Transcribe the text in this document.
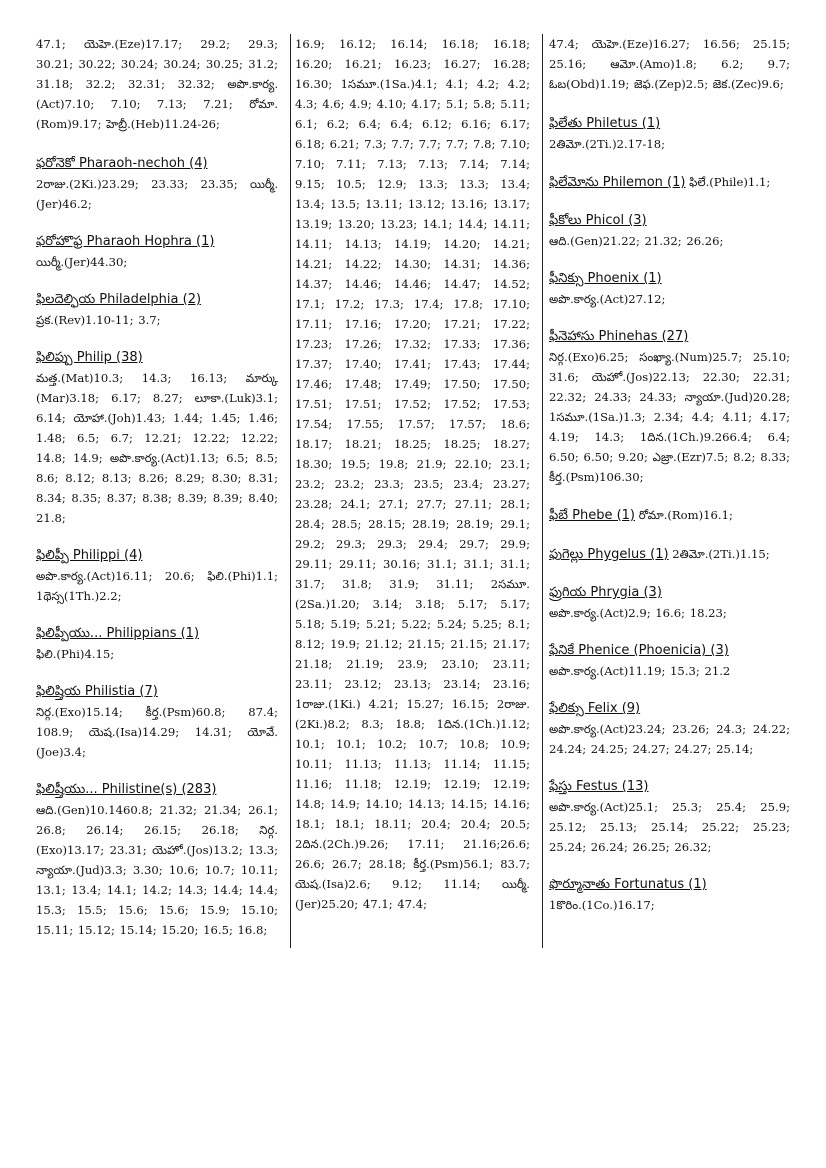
47.1; యెహె.(Eze)17.17; 29.2; 29.3; 30.21; 30.22; 30.24; 30.24; 30.25; 31.2; 31.18; 32.2; 32.31; 32.32; అపొ.కార్య.(Act)7.10; 7.10; 7.13; 7.21; రోమా.(Rom)9.17; హెబ్రీ.(Heb)11.24-26;
ఫరోనెకో Pharaoh-nechoh (4)
2రాజు.(2Ki.)23.29; 23.33; 23.35; యిర్మీ.(Jer)46.2;
ఫరోహొఫ్ర Pharaoh Hophra (1)
యిర్మీ.(Jer)44.30;
ఫిలదెల్ఫియ Philadelphia (2)
ప్రక.(Rev)1.10-11; 3.7;
ఫిలిప్పు Philip (38)
మత్త.(Mat)10.3; 14.3; 16.13; మార్కు (Mar)3.18; 6.17; 8.27; లూకా.(Luk)3.1; 6.14; యోహా.(Joh)1.43; 1.44; 1.45; 1.46; 1.48; 6.5; 6.7; 12.21; 12.22; 12.22; 14.8; 14.9; అపొ.కార్య.(Act)1.13; 6.5; 8.5; 8.6; 8.12; 8.13; 8.26; 8.29; 8.30; 8.31; 8.34; 8.35; 8.37; 8.38; 8.39; 8.39; 8.40; 21.8;
ఫిలిప్పీ Philippi (4)
అపొ.కార్య.(Act)16.11; 20.6; ఫిలి.(Phi)1.1; 1థెస్స(1Th.)2.2;
ఫిలిప్పీయు... Philippians (1)
ఫిలి.(Phi)4.15;
ఫిలిష్తియ Philistia (7)
నిర్గ.(Exo)15.14; కీర్త.(Psm)60.8; 87.4; 108.9; యెష.(Isa)14.29; 14.31; యోవే.(Joe)3.4;
ఫిలిష్తీయు... Philistine(s) (283)
ఆది.(Gen)10.1460.8; 21.32; 21.34; 26.1; 26.8; 26.14; 26.15; 26.18; నిర్గ.(Exo)13.17; 23.31; యెహో.(Jos)13.2; 13.3; న్యాయా.(Jud)3.3; 3.30; 10.6; 10.7; 10.11; 13.1; 13.4; 14.1; 14.2; 14.3; 14.4; 14.4; 15.3; 15.5; 15.6; 15.6; 15.9; 15.10; 15.11; 15.12; 15.14; 15.20; 16.5; 16.8;
16.9; 16.12; 16.14; 16.18; 16.18; 16.20; 16.21; 16.23; 16.27; 16.28; 16.30; 1సమూ.(1Sa.)4.1; 4.1; 4.2; 4.2; 4.3; 4.6; 4.9; 4.10; 4.17; 5.1; 5.8; 5.11; 6.1; 6.2; 6.4; 6.4; 6.12; 6.16; 6.17; 6.18; 6.21; 7.3; 7.7; 7.7; 7.7; 7.8; 7.10; 7.10; 7.11; 7.13; 7.13; 7.14; 7.14; 9.15; 10.5; 12.9; 13.3; 13.3; 13.4; 13.4; 13.5; 13.11; 13.12; 13.16; 13.17; 13.19; 13.20; 13.23; 14.1; 14.4; 14.11; 14.11; 14.13; 14.19; 14.20; 14.21; 14.21; 14.22; 14.30; 14.31; 14.36; 14.37; 14.46; 14.46; 14.47; 14.52; 17.1; 17.2; 17.3; 17.4; 17.8; 17.10; 17.11; 17.16; 17.20; 17.21; 17.22; 17.23; 17.26; 17.32; 17.33; 17.36; 17.37; 17.40; 17.41; 17.43; 17.44; 17.46; 17.48; 17.49; 17.50; 17.50; 17.51; 17.51; 17.52; 17.52; 17.53; 17.54; 17.55; 17.57; 17.57; 18.6; 18.17; 18.21; 18.25; 18.25; 18.27; 18.30; 19.5; 19.8; 21.9; 22.10; 23.1; 23.2; 23.2; 23.3; 23.5; 23.4; 23.27; 23.28; 24.1; 27.1; 27.7; 27.11; 28.1; 28.4; 28.5; 28.15; 28.19; 28.19; 29.1; 29.2; 29.3; 29.3; 29.4; 29.7; 29.9; 29.11; 29.11; 30.16; 31.1; 31.1; 31.1; 31.7; 31.8; 31.9; 31.11; 2సమూ.(2Sa.)1.20; 3.14; 3.18; 5.17; 5.17; 5.18; 5.19; 5.21; 5.22; 5.24; 5.25; 8.1; 8.12; 19.9; 21.12; 21.15; 21.15; 21.17; 21.18; 21.19; 23.9; 23.10; 23.11; 23.11; 23.12; 23.13; 23.14; 23.16; 1రాజు.(1Ki.) 4.21; 15.27; 16.15; 2రాజు.(2Ki.)8.2; 8.3; 18.8; 1దిన.(1Ch.)1.12; 10.1; 10.1; 10.2; 10.7; 10.8; 10.9; 10.11; 11.13; 11.13; 11.14; 11.15; 11.16; 11.18; 12.19; 12.19; 12.19; 14.8; 14.9; 14.10; 14.13; 14.15; 14.16; 18.1; 18.1; 18.11; 20.4; 20.4; 20.5; 2దిన.(2Ch.)9.26; 17.11; 21.16;26.6; 26.6; 26.7; 28.18; కీర్త.(Psm)56.1; 83.7; యెష.(Isa)2.6; 9.12; 11.14; యిర్మీ.(Jer)25.20; 47.1; 47.4;
47.4; యెహె.(Eze)16.27; 16.56; 25.15; 25.16; ఆమో.(Amo)1.8; 6.2; 9.7; ఓబ(Obd)1.19; జెఫ.(Zep)2.5; జెక.(Zec)9.6;
ఫిలేతు Philetus (1)
2తిమో.(2Ti.)2.17-18;
ఫిలేమోను Philemon (1) ఫిలే.(Phile)1.1;
ఫీకోలు Phicol (3)
ఆది.(Gen)21.22; 21.32; 26.26;
ఫీనిక్సు Phoenix (1)
అపొ.కార్య.(Act)27.12;
ఫీనెహాసు Phinehas (27)
నిర్గ.(Exo)6.25; సంఖ్యా.(Num)25.7; 25.10; 31.6; యెహో.(Jos)22.13; 22.30; 22.31; 22.32; 24.33; 24.33; న్యాయా.(Jud)20.28; 1సమూ.(1Sa.)1.3; 2.34; 4.4; 4.11; 4.17; 4.19; 14.3; 1దిన.(1Ch.)9.266.4; 6.4; 6.50; 6.50; 9.20; ఎజ్రా.(Ezr)7.5; 8.2; 8.33; కీర్త.(Psm)106.30;
ఫీబే Phebe (1) రోమా.(Rom)16.1;
ఫుగెల్లు Phygelus (1) 2తిమో.(2Ti.)1.15;
ఫ్రుగియ Phrygia (3)
అపొ.కార్య.(Act)2.9; 16.6; 18.23;
ఫేనికే Phenice (Phoenicia) (3)
అపొ.కార్య.(Act)11.19; 15.3; 21.2
ఫేలిక్సు Felix (9)
అపొ.కార్య.(Act)23.24; 23.26; 24.3; 24.22; 24.24; 24.25; 24.27; 24.27; 25.14;
ఫేస్తు Festus (13)
అపొ.కార్య.(Act)25.1; 25.3; 25.4; 25.9; 25.12; 25.13; 25.14; 25.22; 25.23; 25.24; 26.24; 26.25; 26.32;
ఫొర్మూనాతు Fortunatus (1)
1కొరిం.(1Co.)16.17;
